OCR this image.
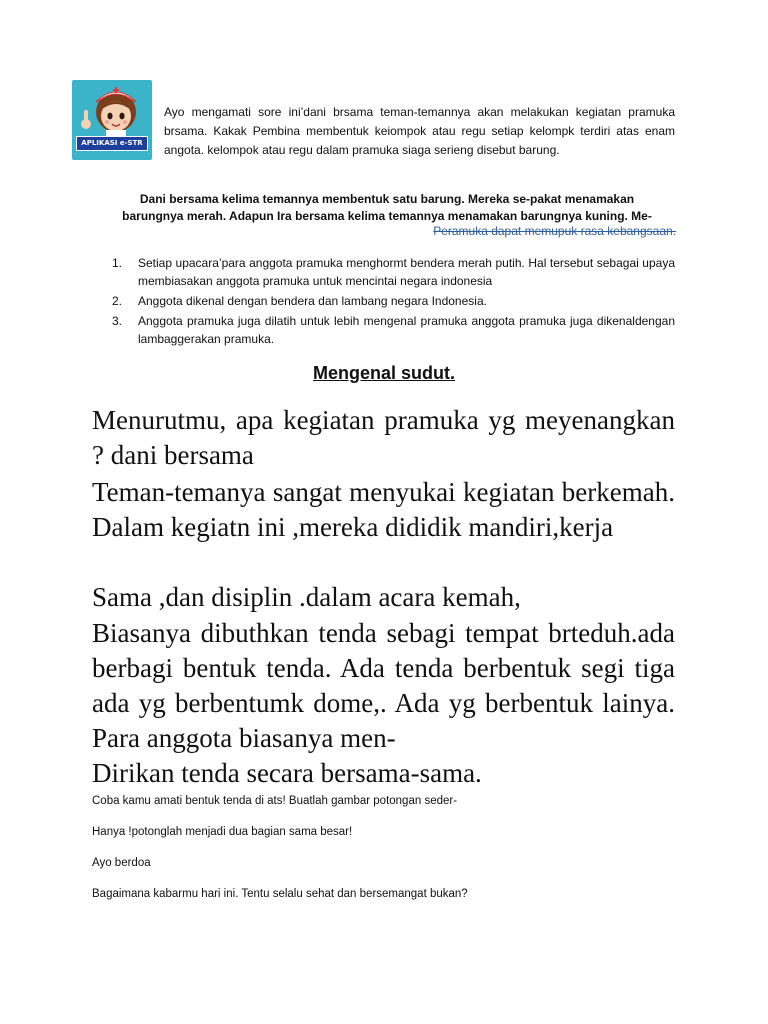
APLIKASI e-STR

Ayo mengamati sore ini’dani brsama teman-temannya akan melakukan kegiatan pramuka brsama. Kakak Pembina membentuk keiompok atau regu setiap kelompk terdiri atas enam angota. kelompok atau regu dalam pramuka siaga serieng disebut barung.

Dani bersama kelima temannya membentuk satu barung. Mereka se-pakat menamakan

barungnya merah. Adapun Ira bersama kelima temannya menamakan barungnya kuning. Me-

Peramuka dapat memupuk rasa kebangsaan.

1. Setiap upacara’para anggota pramuka menghormt bendera merah putih. Hal tersebut sebagai upaya membiasakan anggota pramuka untuk mencintai negara indonesia
2. Anggota dikenal dengan bendera dan lambang negara Indonesia.
3. Anggota pramuka juga dilatih untuk lebih mengenal pramuka anggota pramuka juga dikenaldengan lambaggerakan pramuka.
Mengenal sudut.

Menurutmu, apa kegiatan pramuka yg meyenangkan ? dani bersama

Teman-temanya sangat menyukai kegiatan berkemah. Dalam kegiatn ini ,mereka dididik mandiri,kerja

Sama ,dan disiplin .dalam acara kemah,

Biasanya dibuthkan tenda sebagi tempat brteduh.ada berbagi bentuk tenda. Ada tenda berbentuk segi tiga ada yg berbentumk dome,. Ada yg berbentuk lainya. Para anggota biasanya men-

Dirikan tenda secara bersama-sama.

Coba kamu amati bentuk tenda di ats! Buatlah gambar potongan seder-

Hanya !potonglah menjadi dua bagian sama besar!

Ayo berdoa

Bagaimana kabarmu hari ini. Tentu selalu sehat dan bersemangat bukan?
